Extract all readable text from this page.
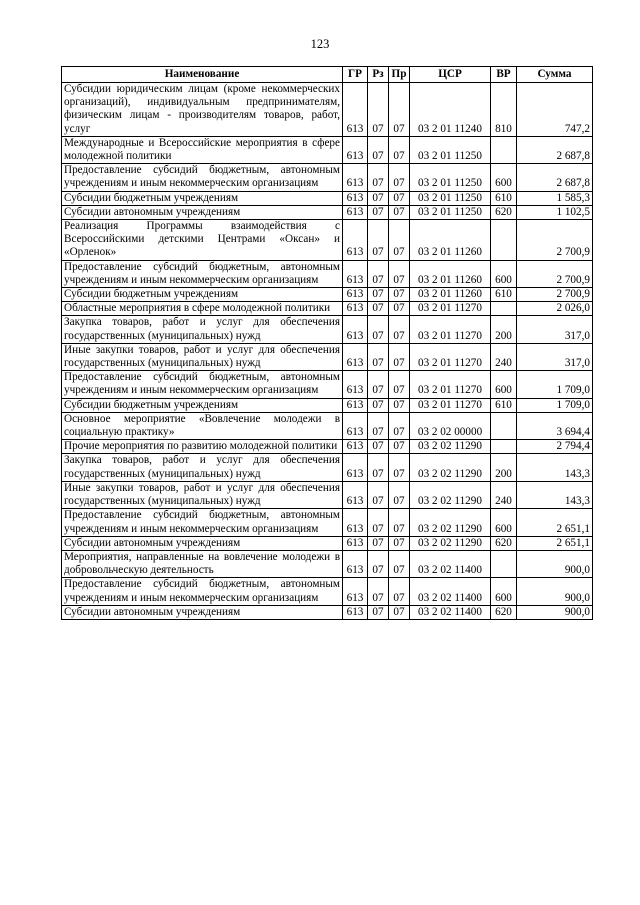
123
Наименование	ГР	Рз	Пр	ЦСР	ВР	Сумма
Субсидии юридическим лицам (кроме некоммерческих организаций), индивидуальным предпринимателям, физическим лицам - производителям товаров, работ, услуг	613	07	07	03 2 01 11240	810	747,2
Международные и Всероссийские мероприятия в сфере молодежной политики	613	07	07	03 2 01 11250		2 687,8
Предоставление субсидий бюджетным, автономным учреждениям и иным некоммерческим организациям	613	07	07	03 2 01 11250	600	2 687,8
Субсидии бюджетным учреждениям	613	07	07	03 2 01 11250	610	1 585,3
Субсидии автономным учреждениям	613	07	07	03 2 01 11250	620	1 102,5
Реализация Программы взаимодействия с Всероссийскими детскими Центрами «Оксан» и «Орленок»	613	07	07	03 2 01 11260		2 700,9
Предоставление субсидий бюджетным, автономным учреждениям и иным некоммерческим организациям	613	07	07	03 2 01 11260	600	2 700,9
Субсидии бюджетным учреждениям	613	07	07	03 2 01 11260	610	2 700,9
Областные мероприятия в сфере молодежной политики	613	07	07	03 2 01 11270		2 026,0
Закупка товаров, работ и услуг для обеспечения государственных (муниципальных) нужд	613	07	07	03 2 01 11270	200	317,0
Иные закупки товаров, работ и услуг для обеспечения государственных (муниципальных) нужд	613	07	07	03 2 01 11270	240	317,0
Предоставление субсидий бюджетным, автономным учреждениям и иным некоммерческим организациям	613	07	07	03 2 01 11270	600	1 709,0
Субсидии бюджетным учреждениям	613	07	07	03 2 01 11270	610	1 709,0
Основное мероприятие «Вовлечение молодежи в социальную практику»	613	07	07	03 2 02 00000		3 694,4
Прочие мероприятия по развитию молодежной политики	613	07	07	03 2 02 11290		2 794,4
Закупка товаров, работ и услуг для обеспечения государственных (муниципальных) нужд	613	07	07	03 2 02 11290	200	143,3
Иные закупки товаров, работ и услуг для обеспечения государственных (муниципальных) нужд	613	07	07	03 2 02 11290	240	143,3
Предоставление субсидий бюджетным, автономным учреждениям и иным некоммерческим организациям	613	07	07	03 2 02 11290	600	2 651,1
Субсидии автономным учреждениям	613	07	07	03 2 02 11290	620	2 651,1
Мероприятия, направленные на вовлечение молодежи в добровольческую деятельность	613	07	07	03 2 02 11400		900,0
Предоставление субсидий бюджетным, автономным учреждениям и иным некоммерческим организациям	613	07	07	03 2 02 11400	600	900,0
Субсидии автономным учреждениям	613	07	07	03 2 02 11400	620	900,0
